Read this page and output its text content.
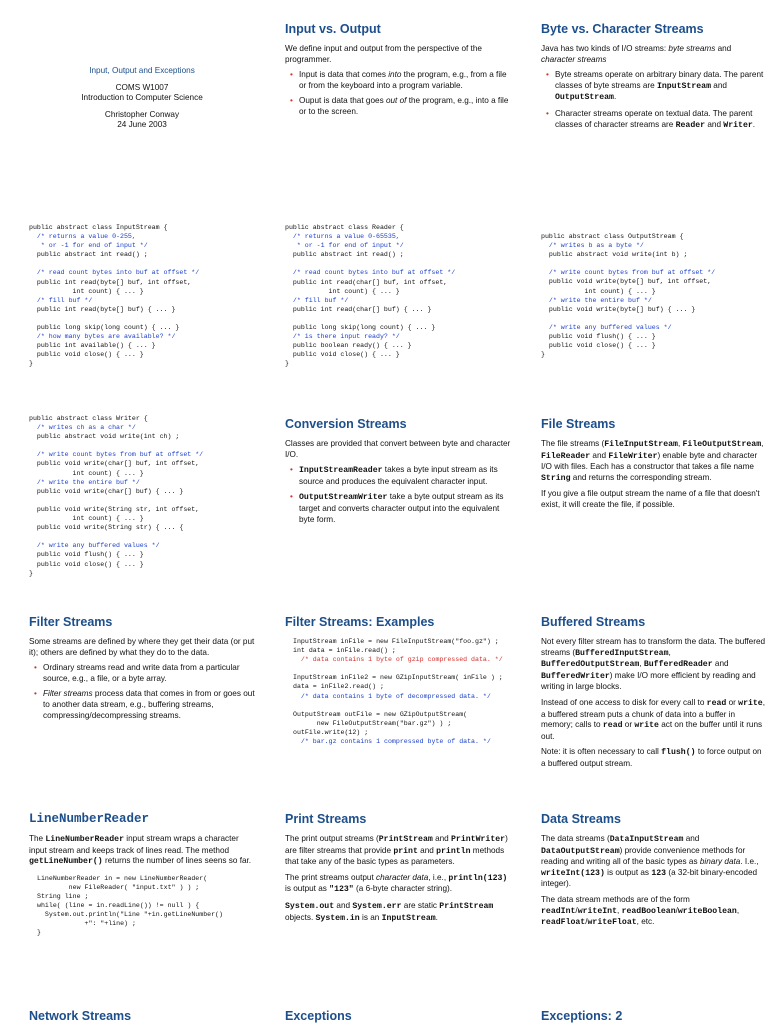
Input, Output and Exceptions
COMS W1007
Introduction to Computer Science
Christopher Conway
24 June 2003
Input vs. Output

We define input and output from the perspective of the programmer.

• Input is data that comes into the program, e.g., from a file or from the keyboard into a program variable.
• Ouput is data that goes out of the program, e.g., into a file or to the screen.
Byte vs. Character Streams

Java has two kinds of I/O streams: byte streams and character streams

• Byte streams operate on arbitrary binary data. The parent classes of byte streams are InputStream and OutputStream.
• Character streams operate on textual data. The parent classes of character streams are Reader and Writer.
public abstract class InputStream {
/* returns a value 0-255,
* or -1 for end of input */
public abstract int read() ;

/* read count bytes into buf at offset */
public int read(byte[] buf, int offset,
int count) { ... }
/* fill buf */
public int read(byte[] buf) { ... }

public long skip(long count) { ... }
/* how many bytes are available? */
public int available() { ... }
public void close() { ... }
}

public abstract class Reader {
/* returns a value 0-65535,
* or -1 for end of input */
public abstract int read() ;

/* read count bytes into buf at offset */
public int read(char[] buf, int offset,
int count) { ... }
/* fill buf */
public int read(char[] buf) { ... }

public long skip(long count) { ... }
/* is there input ready? */
public boolean ready() { ... }
public void close() { ... }
}

public abstract class OutputStream {
/* writes b as a byte */
public abstract void write(int b) ;

/* write count bytes from buf at offset */
public void write(byte[] buf, int offset,
int count) { ... }
/* write the entire buf */
public void write(byte[] buf) { ... }

/* write any buffered values */
public void flush() { ... }
public void close() { ... }
}

public abstract class Writer {
/* writes ch as a char */
public abstract void write(int ch) ;

/* write count bytes from buf at offset */
public void write(char[] buf, int offset,
int count) { ... }
/* write the entire buf */
public void write(char[] buf) { ... }

public void write(String str, int offset,
int count) { ... }
public void write(String str) { ... {

/* write any buffered values */
public void flush() { ... }
public void close() { ... }
}

Conversion Streams

Classes are provided that convert between byte and character I/O.

• InputStreamReader takes a byte input stream as its source and produces the equivalent character input.
• OutputStreamWriter take a byte output stream as its target and converts character output into the equivalent byte form.
File Streams

The file streams (FileInputStream, FileOutputStream, FileReader and FileWriter) enable byte and character I/O with files. Each has a constructor that takes a file name String and returns the corresponding stream.

If you give a file output stream the name of a file that doesn't exist, it will create the file, if possible.

Filter Streams

Some streams are defined by where they get their data (or put it); others are defined by what they do to the data.

• Ordinary streams read and write data from a particular source, e.g., a file, or a byte array.
• Filter streams process data that comes in from or goes out to another data stream, e.g., buffering streams, compressing/decompressing streams.
Filter Streams: Examples
InputStream inFile = new FileInputStream("foo.gz") ;
int data = inFile.read() ;
/* data contains 1 byte of gzip compressed data. */

InputStream inFile2 = new GZipInputStream( inFile ) ;
data = inFile2.read() ;
/* data contains 1 byte of decompressed data. */

OutputStream outFile = new GZipOutputStream(
new FileOutputStream("bar.gz") ) ;
outFile.write(12) ;
/* bar.gz contains 1 compressed byte of data. */

Buffered Streams

Not every filter stream has to transform the data. The buffered streams (BufferedInputStream, BufferedOutputStream, BufferedReader and BufferedWriter) make I/O more efficient by reading and writing in large blocks.

Instead of one access to disk for every call to read or write, a buffered stream puts a chunk of data into a buffer in memory; calls to read or write act on the buffer until it runs out.

Note: it is often necessary to call flush() to force output on a buffered output stream.

LineNumberReader

The LineNumberReader input stream wraps a character input stream and keeps track of lines read. The method getLineNumber() returns the number of lines seens so far.

LineNumberReader in = new LineNumberReader(
new FileReader( "input.txt" ) ) ;
String line ;
while( (line = in.readLine()) != null ) {
System.out.println("Line "+in.getLineNumber()
+": "+line) ;
}

Print Streams

The print output streams (PrintStream and PrintWriter) are filter streams that provide print and println methods that take any of the basic types as parameters.

The print streams output character data, i.e., println(123) is output as "123" (a 6-byte character string).

System.out and System.err are static PrintStream objects. System.in is an InputStream.

Data Streams

The data streams (DataInputStream and DataOutputStream) provide convenience methods for reading and writing all of the basic types as binary data. I.e., writeInt(123) is output as 123 (a 32-bit binary-encoded integer).

The data stream methods are of the form readInt/writeInt, readBoolean/writeBoolean, readFloat/writeFloat, etc.

Network Streams	Exceptions	Exceptions: 2
